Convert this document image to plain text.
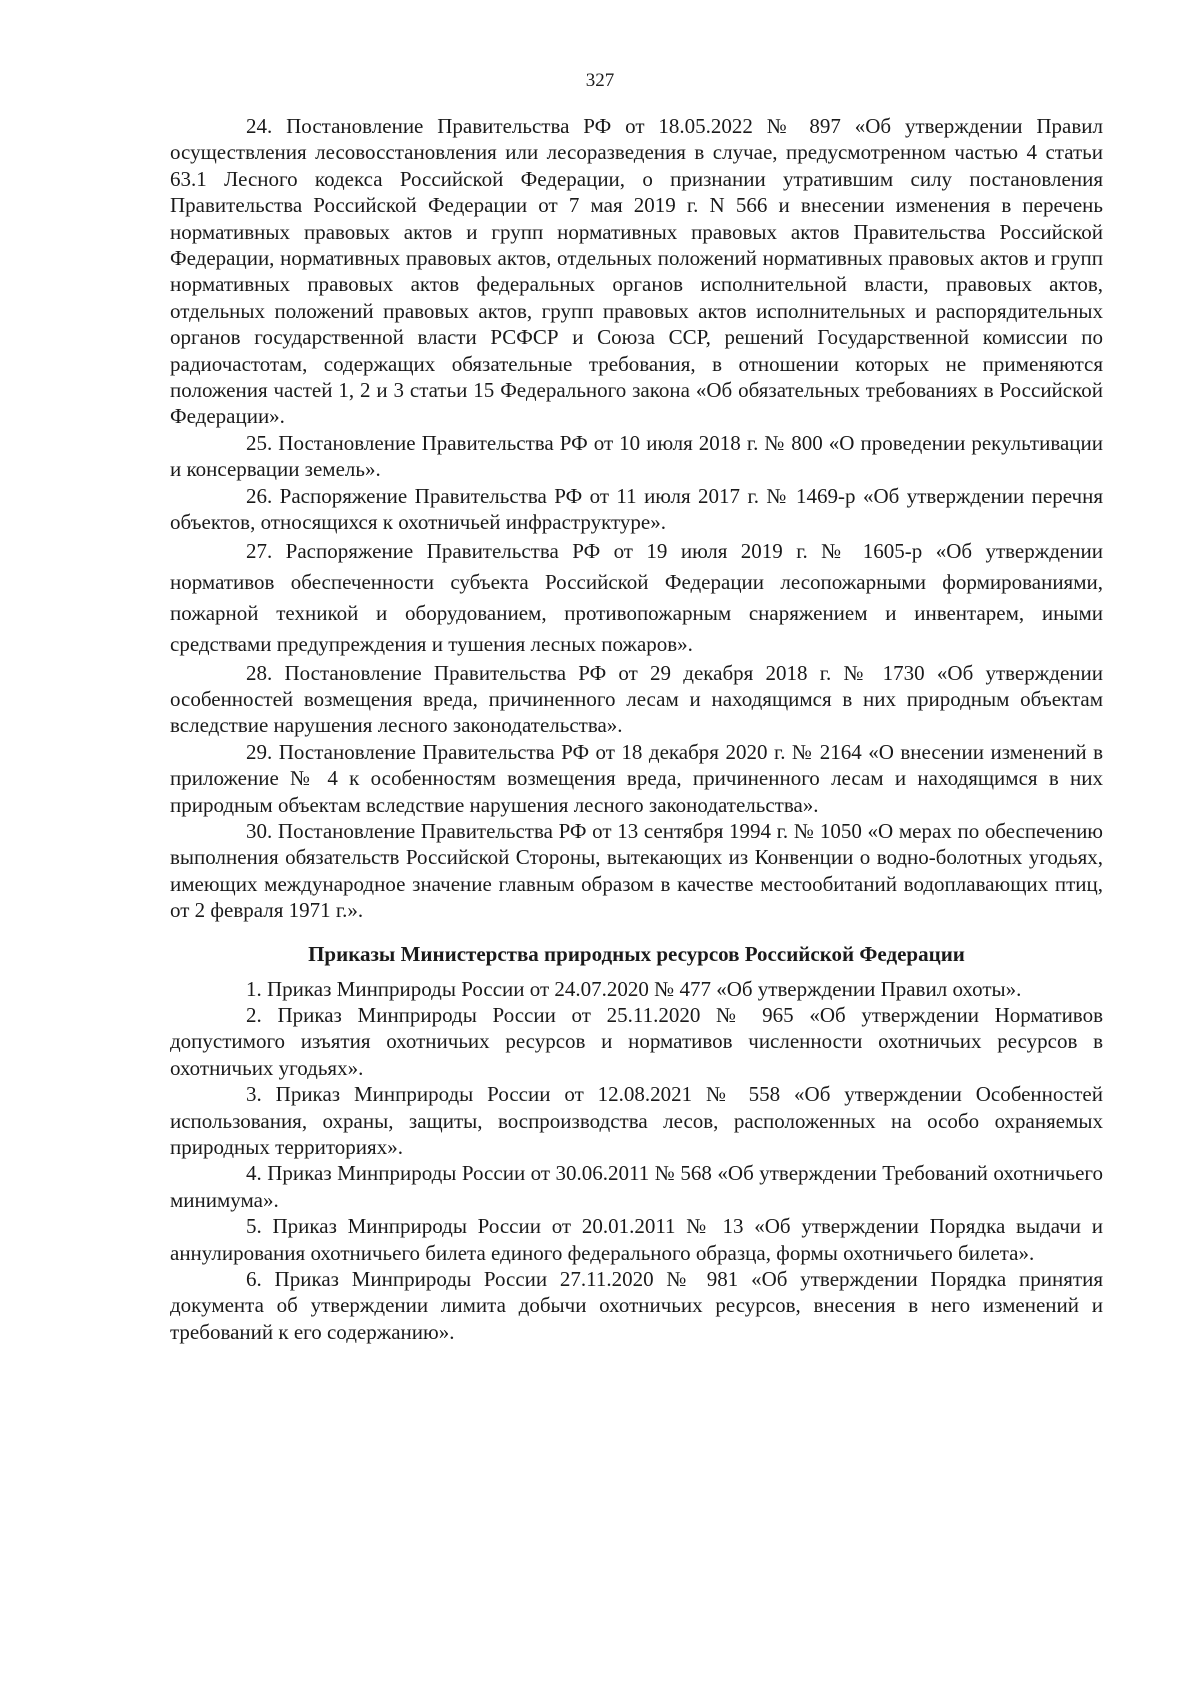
327

24. Постановление Правительства РФ от 18.05.2022 № 897 «Об утверждении Правил осуществления лесовосстановления или лесоразведения в случае, предусмотренном частью 4 статьи 63.1 Лесного кодекса Российской Федерации, о признании утратившим силу постановления Правительства Российской Федерации от 7 мая 2019 г. N 566 и внесении изменения в перечень нормативных правовых актов и групп нормативных правовых актов Правительства Российской Федерации, нормативных правовых актов, отдельных положений нормативных правовых актов и групп нормативных правовых актов федеральных органов исполнительной власти, правовых актов, отдельных положений правовых актов, групп правовых актов исполнительных и распорядительных органов государственной власти РСФСР и Союза ССР, решений Государственной комиссии по радиочастотам, содержащих обязательные требования, в отношении которых не применяются положения частей 1, 2 и 3 статьи 15 Федерального закона «Об обязательных требованиях в Российской Федерации».

25. Постановление Правительства РФ от 10 июля 2018 г. № 800 «О проведении рекультивации и консервации земель».

26. Распоряжение Правительства РФ от 11 июля 2017 г. № 1469-р «Об утверждении перечня объектов, относящихся к охотничьей инфраструктуре».

27. Распоряжение Правительства РФ от 19 июля 2019 г. № 1605-р «Об утверждении нормативов обеспеченности субъекта Российской Федерации лесопожарными формированиями, пожарной техникой и оборудованием, противопожарным снаряжением и инвентарем, иными средствами предупреждения и тушения лесных пожаров».

28. Постановление Правительства РФ от 29 декабря 2018 г. № 1730 «Об утверждении особенностей возмещения вреда, причиненного лесам и находящимся в них природным объектам вследствие нарушения лесного законодательства».

29. Постановление Правительства РФ от 18 декабря 2020 г. № 2164 «О внесении изменений в приложение № 4 к особенностям возмещения вреда, причиненного лесам и находящимся в них природным объектам вследствие нарушения лесного законодательства».

30. Постановление Правительства РФ от 13 сентября 1994 г. № 1050 «О мерах по обеспечению выполнения обязательств Российской Стороны, вытекающих из Конвенции о водно-болотных угодьях, имеющих международное значение главным образом в качестве местообитаний водоплавающих птиц, от 2 февраля 1971 г.».

Приказы Министерства природных ресурсов Российской Федерации

1. Приказ Минприроды России от 24.07.2020 № 477 «Об утверждении Правил охоты».

2. Приказ Минприроды России от 25.11.2020 № 965 «Об утверждении Нормативов допустимого изъятия охотничьих ресурсов и нормативов численности охотничьих ресурсов в охотничьих угодьях».

3. Приказ Минприроды России от 12.08.2021 № 558 «Об утверждении Особенностей использования, охраны, защиты, воспроизводства лесов, расположенных на особо охраняемых природных территориях».

4. Приказ Минприроды России от 30.06.2011 № 568 «Об утверждении Требований охотничьего минимума».

5. Приказ Минприроды России от 20.01.2011 № 13 «Об утверждении Порядка выдачи и аннулирования охотничьего билета единого федерального образца, формы охотничьего билета».

6. Приказ Минприроды России 27.11.2020 № 981 «Об утверждении Порядка принятия документа об утверждении лимита добычи охотничьих ресурсов, внесения в него изменений и требований к его содержанию».
